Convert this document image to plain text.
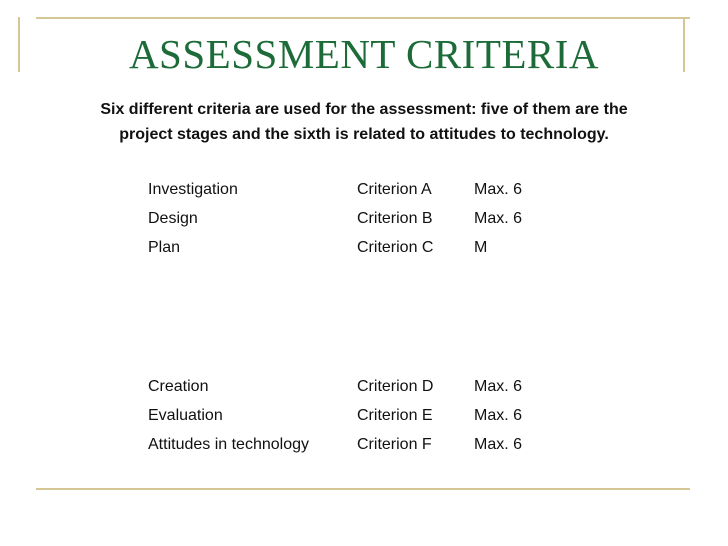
ASSESSMENT CRITERIA
Six different criteria are used for the assessment: five of them are the
project stages and the sixth is related to attitudes to technology.
Investigation	Criterion A	Max. 6
Design	Criterion B	Max. 6
Plan	Criterion C	M
Creation	Criterion D	Max. 6
Evaluation	Criterion E	Max. 6
Attitudes in technology	Criterion F	Max. 6
